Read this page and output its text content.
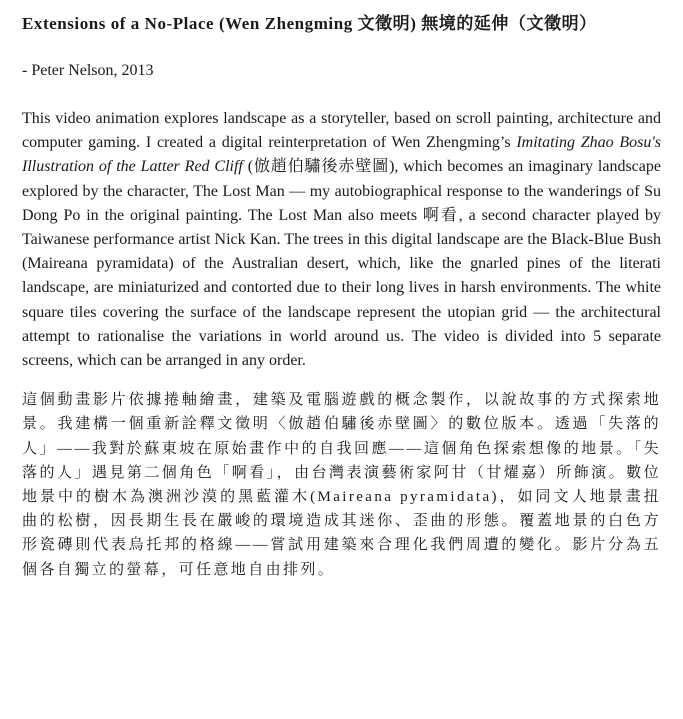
Extensions of a No-Place (Wen Zhengming 文徵明) 無境的延伸（文徵明）

- Peter Nelson, 2013

This video animation explores landscape as a storyteller, based on scroll painting, architecture and computer gaming. I created a digital reinterpretation of Wen Zhengming’s Imitating Zhao Bosu's Illustration of the Latter Red Cliff (倣趙伯驌後赤壁圖), which becomes an imaginary landscape explored by the character, The Lost Man — my autobiographical response to the wanderings of Su Dong Po in the original painting. The Lost Man also meets 啊看, a second character played by Taiwanese performance artist Nick Kan. The trees in this digital landscape are the Black-Blue Bush (Maireana pyramidata) of the Australian desert, which, like the gnarled pines of the literati landscape, are miniaturized and contorted due to their long lives in harsh environments. The white square tiles covering the surface of the landscape represent the utopian grid — the architectural attempt to rationalise the variations in world around us. The video is divided into 5 separate screens, which can be arranged in any order.

這個動畫影片依據捲軸繪畫，建築及電腦遊戲的概念製作，以說故事的方式探索地景。我建構一個重新詮釋文徵明〈倣趙伯驌後赤壁圖〉的數位版本。透過「失落的人」——我對於蘇東坡在原始畫作中的自我回應——這個角色探索想像的地景。「失落的人」遇見第二個角色「啊看」，由台灣表演藝術家阿甘（甘燿嘉）所飾演。數位地景中的樹木為澳洲沙漠的黑藍灌木(Maireana pyramidata)，如同文人地景畫扭曲的松樹，因長期生長在嚴峻的環境造成其迷你、歪曲的形態。覆蓋地景的白色方形瓷磚則代表烏托邦的格線——嘗試用建築來合理化我們周遭的變化。影片分為五個各自獨立的螢幕，可任意地自由排列。
